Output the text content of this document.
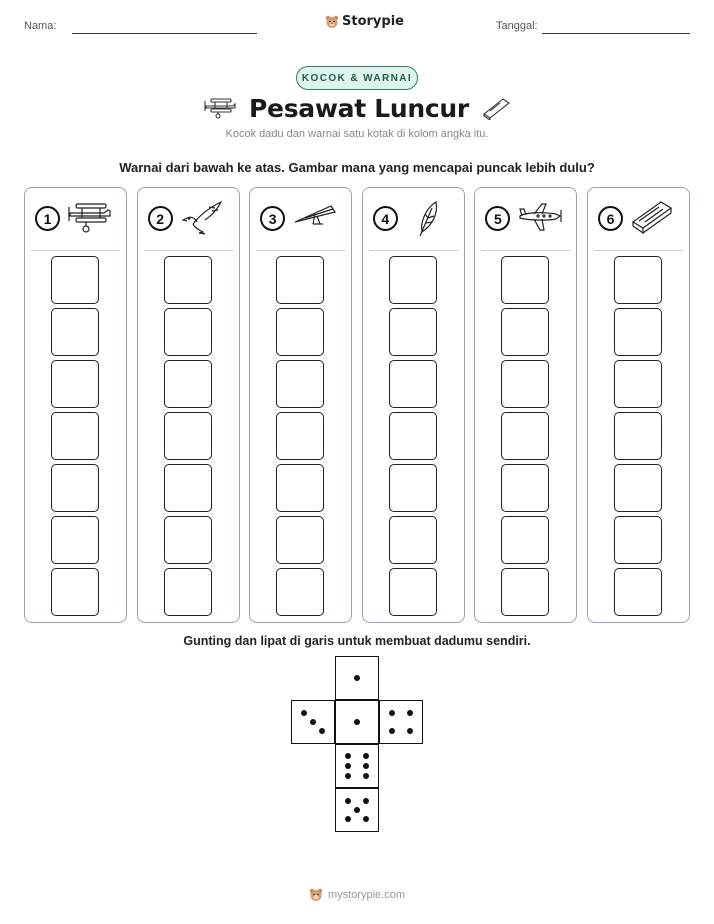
Nama:	Storypie	Tanggal:
KOCOK & WARNAI
Pesawat Luncur
Kocok dadu dan warnai satu kotak di kolom angka itu.
Warnai dari bawah ke atas. Gambar mana yang mencapai puncak lebih dulu?
1	2	3	4	5	6
Gunting dan lipat di garis untuk membuat dadumu sendiri.
mystorypie.com
